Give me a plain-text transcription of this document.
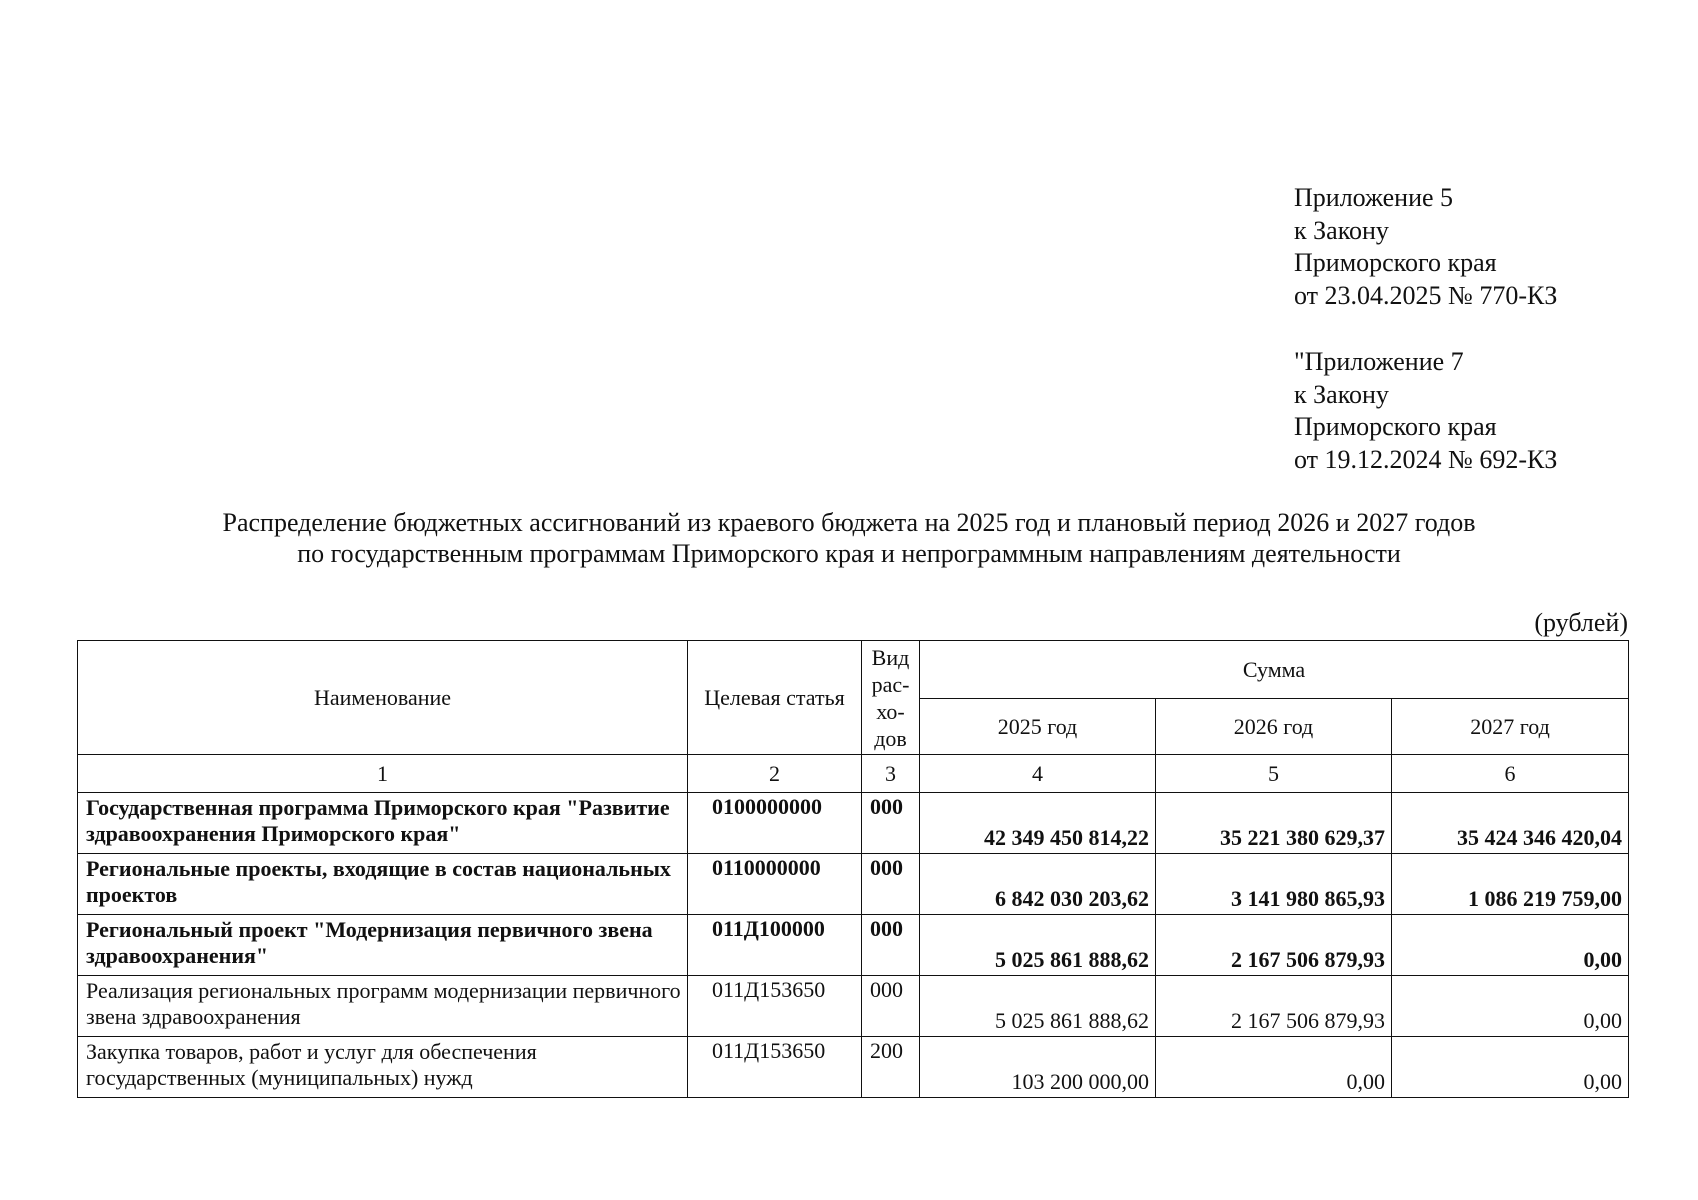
Приложение 5
к Закону
Приморского края
от 23.04.2025 № 770-КЗ
"Приложение 7
к Закону
Приморского края
от 19.12.2024 № 692-КЗ
Распределение бюджетных ассигнований из краевого бюджета на 2025 год и плановый период 2026 и 2027 годов
по государственным программам Приморского края и непрограммным направлениям деятельности
(рублей)
Наименование	Целевая статья	Вид рас-хо-дов	Сумма		
			2025 год	2026 год	2027 год
1	2	3	4	5	6
Государственная программа Приморского края "Развитие здравоохранения Приморского края"	0100000000	000	42 349 450 814,22	35 221 380 629,37	35 424 346 420,04
Региональные проекты, входящие в состав национальных проектов	0110000000	000	6 842 030 203,62	3 141 980 865,93	1 086 219 759,00
Региональный проект "Модернизация первичного звена здравоохранения"	011Д100000	000	5 025 861 888,62	2 167 506 879,93	0,00
Реализация региональных программ модернизации первичного звена здравоохранения	011Д153650	000	5 025 861 888,62	2 167 506 879,93	0,00
Закупка товаров, работ и услуг для обеспечения государственных (муниципальных) нужд	011Д153650	200	103 200 000,00	0,00	0,00
